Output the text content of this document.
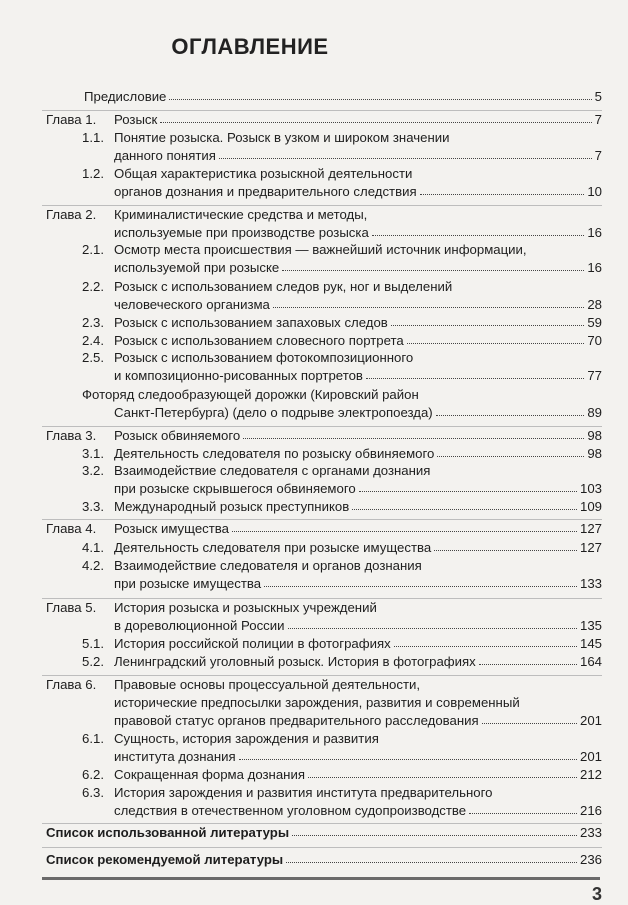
ОГЛАВЛЕНИЕ
Предисловие	5
Глава 1.	Розыск	7
1.1. Понятие розыска. Розыск в узком и широком значении
данного понятия	7
1.2. Общая характеристика розыскной деятельности
органов дознания и предварительного следствия	10
Глава 2.	Криминалистические средства и методы,
используемые при производстве розыска	16
2.1. Осмотр места происшествия — важнейший источник информации,
используемой при розыске	16
2.2. Розыск с использованием следов рук, ног и выделений
человеческого организма	28
2.3. Розыск с использованием запаховых следов	59
2.4. Розыск с использованием словесного портрета	70
2.5. Розыск с использованием фотокомпозиционного
и композиционно-рисованных портретов	77
Фоторяд следообразующей дорожки (Кировский район
Санкт-Петербурга) (дело о подрыве электропоезда)	89
Глава 3.	Розыск обвиняемого	98
3.1. Деятельность следователя по розыску обвиняемого	98
3.2. Взаимодействие следователя с органами дознания
при розыске скрывшегося обвиняемого	103
3.3. Международный розыск преступников	109
Глава 4.	Розыск имущества	127
4.1. Деятельность следователя при розыске имущества	127
4.2. Взаимодействие следователя и органов дознания
при розыске имущества	133
Глава 5.	История розыска и розыскных учреждений
в дореволюционной России	135
5.1. История российской полиции в фотографиях	145
5.2. Ленинградский уголовный розыск. История в фотографиях	164
Глава 6.	Правовые основы процессуальной деятельности,
исторические предпосылки зарождения, развития и современный
правовой статус органов предварительного расследования	201
6.1. Сущность, история зарождения и развития
института дознания	201
6.2. Сокращенная форма дознания	212
6.3. История зарождения и развития института предварительного
следствия в отечественном уголовном судопроизводстве	216
Список использованной литературы	233
Список рекомендуемой литературы	236
3
